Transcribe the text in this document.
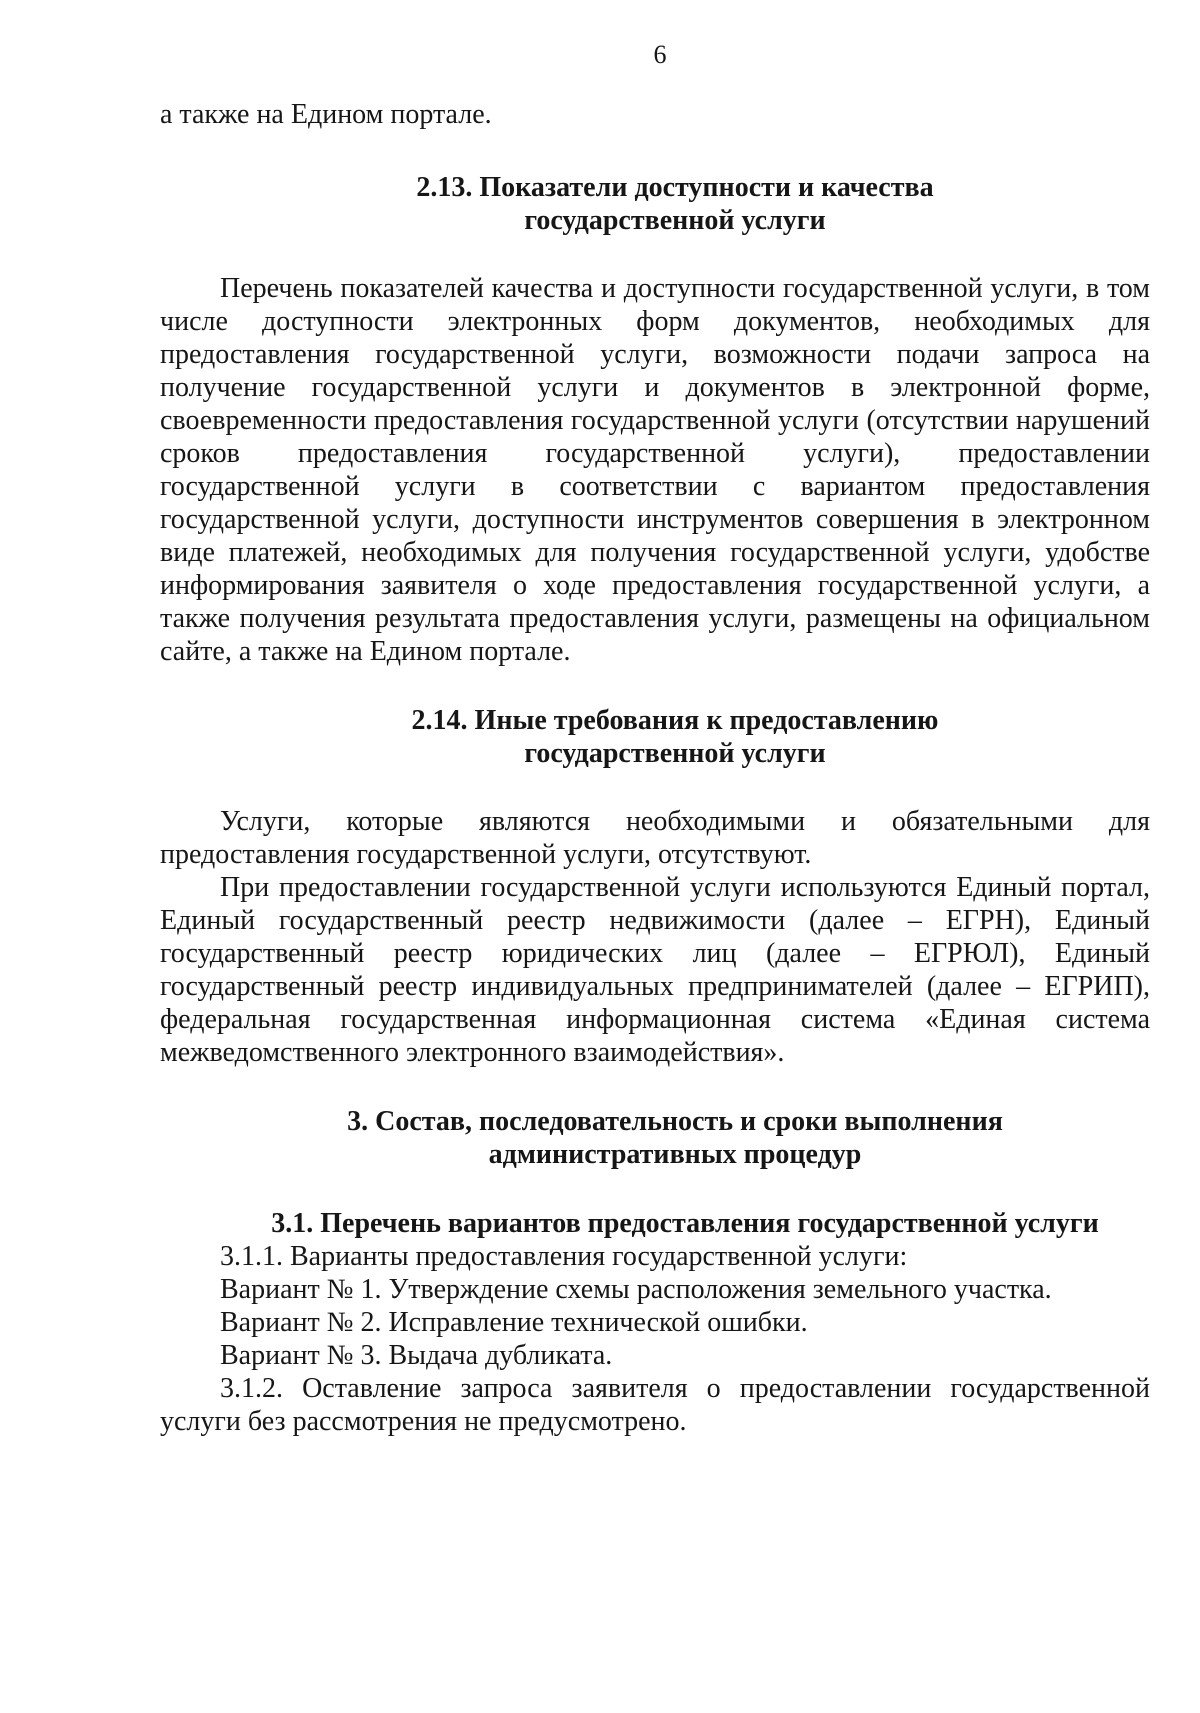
6

а также на Едином портале.

2.13. Показатели доступности и качества
государственной услуги

Перечень показателей качества и доступности государственной услуги, в том числе доступности электронных форм документов, необходимых для предоставления государственной услуги, возможности подачи запроса на получение государственной услуги и документов в электронной форме, своевременности предоставления государственной услуги (отсутствии нарушений сроков предоставления государственной услуги), предоставлении государственной услуги в соответствии с вариантом предоставления государственной услуги, доступности инструментов совершения в электронном виде платежей, необходимых для получения государственной услуги, удобстве информирования заявителя о ходе предоставления государственной услуги, а также получения результата предоставления услуги, размещены на официальном сайте, а также на Едином портале.

2.14. Иные требования к предоставлению
государственной услуги

Услуги, которые являются необходимыми и обязательными для предоставления государственной услуги, отсутствуют.

При предоставлении государственной услуги используются Единый портал, Единый государственный реестр недвижимости (далее – ЕГРН), Единый государственный реестр юридических лиц (далее – ЕГРЮЛ), Единый государственный реестр индивидуальных предпринимателей (далее – ЕГРИП), федеральная государственная информационная система «Единая система межведомственного электронного взаимодействия».

3. Состав, последовательность и сроки выполнения
административных процедур
3.1. Перечень вариантов предоставления государственной услуги

3.1.1. Варианты предоставления государственной услуги:

Вариант № 1. Утверждение схемы расположения земельного участка.

Вариант № 2. Исправление технической ошибки.

Вариант № 3. Выдача дубликата.

3.1.2. Оставление запроса заявителя о предоставлении государственной услуги без рассмотрения не предусмотрено.
